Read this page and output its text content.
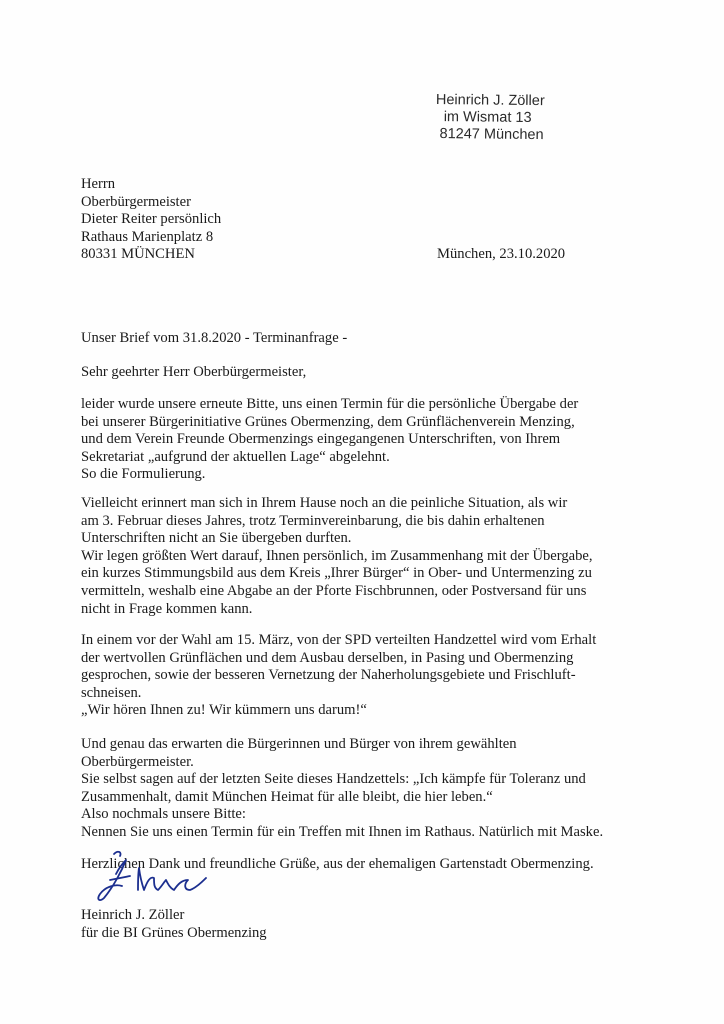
Heinrich J. Zöller
im Wismat 13
81247 München
Herrn
Oberbürgermeister
Dieter Reiter persönlich
Rathaus Marienplatz 8
80331 MÜNCHEN	München, 23.10.2020
Unser Brief vom 31.8.2020 - Terminanfrage -
Sehr geehrter Herr Oberbürgermeister,
leider wurde unsere erneute Bitte, uns einen Termin für die persönliche Übergabe der
bei unserer Bürgerinitiative Grünes Obermenzing, dem Grünflächenverein Menzing,
und dem Verein Freunde Obermenzings eingegangenen Unterschriften, von Ihrem
Sekretariat „aufgrund der aktuellen Lage“ abgelehnt.
So die Formulierung.
Vielleicht erinnert man sich in Ihrem Hause noch an die peinliche Situation, als wir
am 3. Februar dieses Jahres, trotz Terminvereinbarung, die bis dahin erhaltenen
Unterschriften nicht an Sie übergeben durften.
Wir legen größten Wert darauf, Ihnen persönlich, im Zusammenhang mit der Übergabe,
ein kurzes Stimmungsbild aus dem Kreis „Ihrer Bürger“ in Ober- und Untermenzing zu
vermitteln, weshalb eine Abgabe an der Pforte Fischbrunnen, oder Postversand für uns
nicht in Frage kommen kann.
In einem vor der Wahl am 15. März, von der SPD verteilten Handzettel wird vom Erhalt
der wertvollen Grünflächen und dem Ausbau derselben, in Pasing und Obermenzing
gesprochen, sowie der besseren Vernetzung der Naherholungsgebiete und Frischluft-
schneisen.
„Wir hören Ihnen zu! Wir kümmern uns darum!“
Und genau das erwarten die Bürgerinnen und Bürger von ihrem gewählten
Oberbürgermeister.
Sie selbst sagen auf der letzten Seite dieses Handzettels: „Ich kämpfe für Toleranz und
Zusammenhalt, damit München Heimat für alle bleibt, die hier leben.“
Also nochmals unsere Bitte:
Nennen Sie uns einen Termin für ein Treffen mit Ihnen im Rathaus. Natürlich mit Maske.
Herzlichen Dank und freundliche Grüße, aus der ehemaligen Gartenstadt Obermenzing.
Heinrich J. Zöller
für die BI Grünes Obermenzing
